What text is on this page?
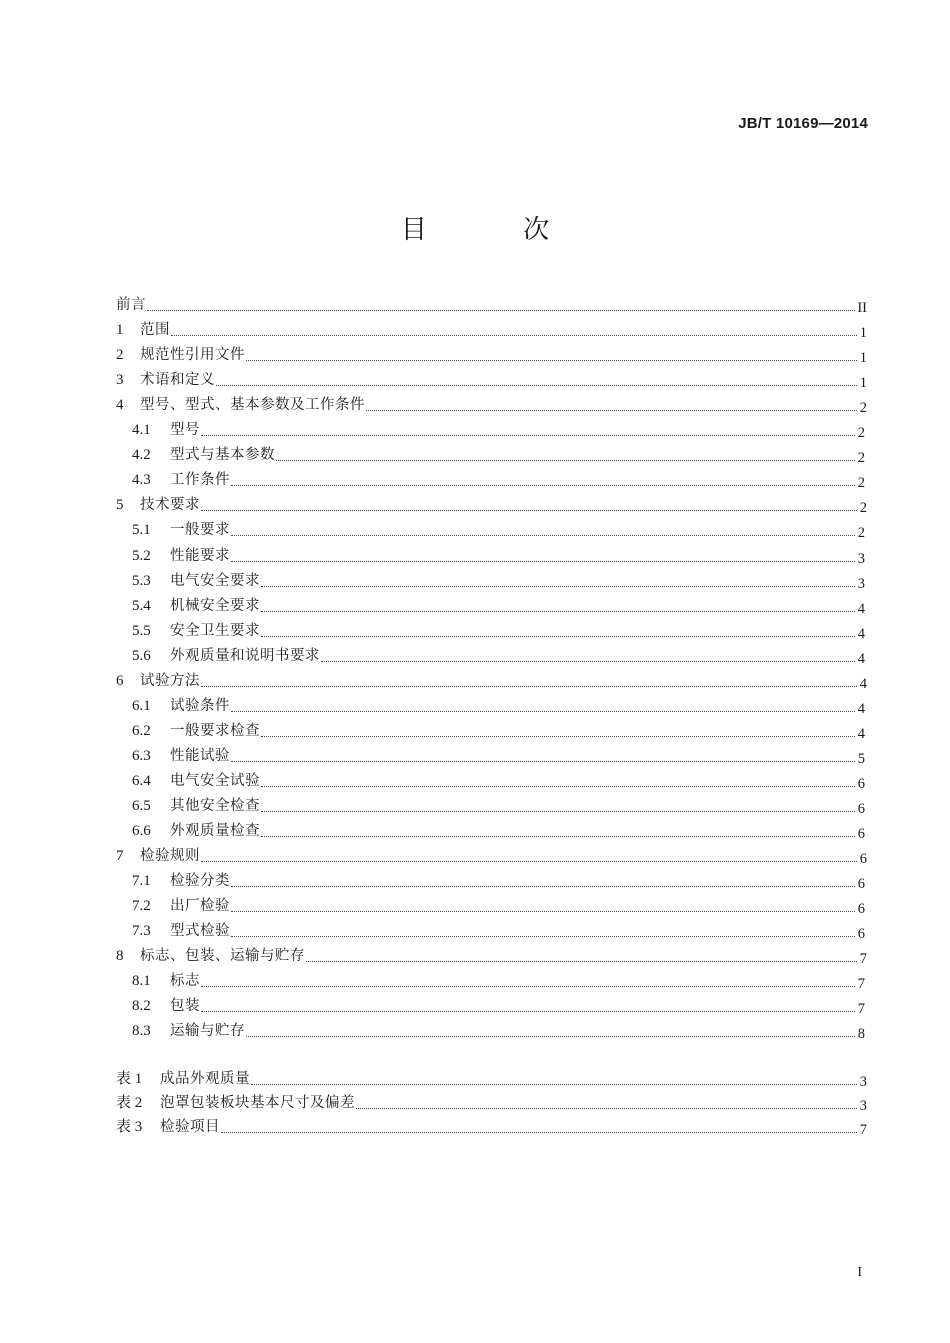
JB/T 10169—2014
目 次
前言	II
1	范围	1
2	规范性引用文件	1
3	术语和定义	1
4	型号、型式、基本参数及工作条件	2
4.1	型号	2
4.2	型式与基本参数	2
4.3	工作条件	2
5	技术要求	2
5.1	一般要求	2
5.2	性能要求	3
5.3	电气安全要求	3
5.4	机械安全要求	4
5.5	安全卫生要求	4
5.6	外观质量和说明书要求	4
6	试验方法	4
6.1	试验条件	4
6.2	一般要求检查	4
6.3	性能试验	5
6.4	电气安全试验	6
6.5	其他安全检查	6
6.6	外观质量检查	6
7	检验规则	6
7.1	检验分类	6
7.2	出厂检验	6
7.3	型式检验	6
8	标志、包装、运输与贮存	7
8.1	标志	7
8.2	包装	7
8.3	运输与贮存	8
表 1	成品外观质量	3
表 2	泡罩包装板块基本尺寸及偏差	3
表 3	检验项目	7
I
